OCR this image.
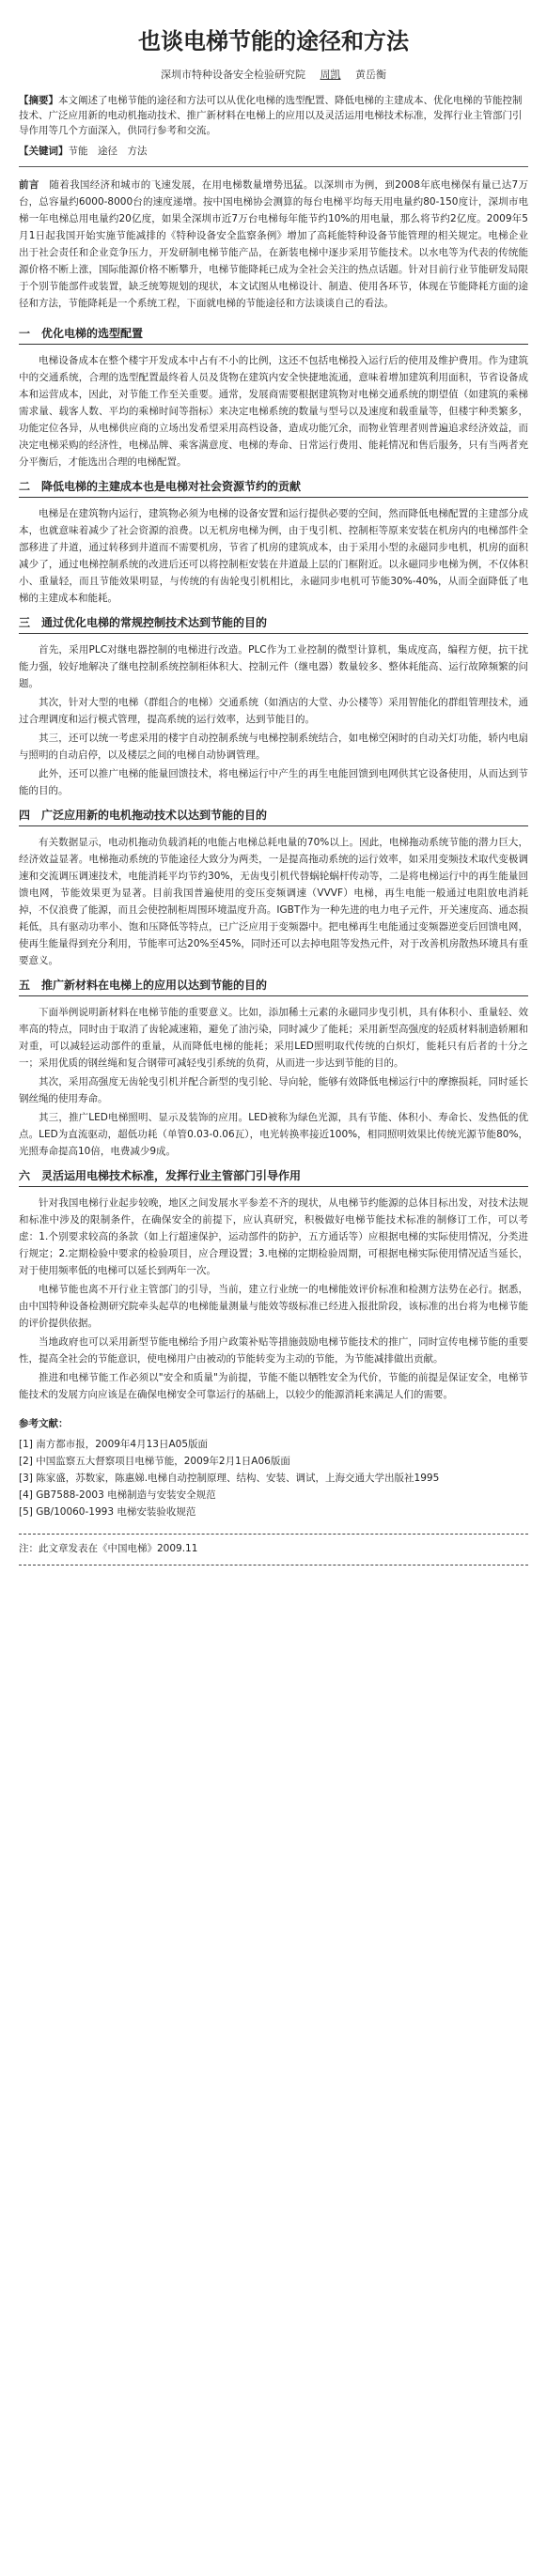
也谈电梯节能的途径和方法
深圳市特种设备安全检验研究院 周凯 黄岳衡

【摘要】本文阐述了电梯节能的途径和方法可以从优化电梯的选型配置、降低电梯的主建成本、优化电梯的节能控制技术、广泛应用新的电动机拖动技术、推广新材料在电梯上的应用以及灵活运用电梯技术标准，发挥行业主管部门引导作用等几个方面深入，供同行参考和交流。

【关键词】节能　途径　方法

前言　 随着我国经济和城市的飞速发展，在用电梯数量增势迅猛。以深圳市为例，到2008年底电梯保有量已达7万台，总容量约6000-8000台的速度递增。按中国电梯协会测算的每台电梯平均每天用电量约80-150度计，深圳市电梯一年电梯总用电量约20亿度，如果全深圳市近7万台电梯每年能节约10%的用电量，那么将节约2亿度。2009年5月1日起我国开始实施节能减排的《特种设备安全监察条例》增加了高耗能特种设备节能管理的相关规定。电梯企业出于社会责任和企业竞争压力，开发研制电梯节能产品，在新装电梯中逐步采用节能技术。以水电等为代表的传统能源价格不断上涨，国际能源价格不断攀升，电梯节能降耗已成为全社会关注的热点话题。针对目前行业节能研发局限于个别节能部件或装置，缺乏统筹规划的现状，本文试图从电梯设计、制造、使用各环节，体现在节能降耗方面的途径和方法，节能降耗是一个系统工程，下面就电梯的节能途径和方法谈谈自己的看法。

一　优化电梯的选型配置

电梯设备成本在整个楼宇开发成本中占有不小的比例，这还不包括电梯投入运行后的使用及维护费用。作为建筑中的交通系统，合理的选型配置最终着人员及货物在建筑内安全快捷地流通，意味着增加建筑利用面积，节省设备成本和运营成本，因此，对节能工作至关重要。通常，发展商需要根据建筑物对电梯交通系统的期望值（如建筑的乘梯需求量、载客人数、平均的乘梯时间等指标）来决定电梯系统的数量与型号以及速度和载重量等，但楼宇种类繁多，功能定位各异，从电梯供应商的立场出发希望采用高档设备，造成功能冗余，而物业管理者则普遍追求经济效益，而决定电梯采购的经济性，电梯品牌、乘客满意度、电梯的寿命、日常运行费用、能耗情况和售后服务，只有当两者充分平衡后，才能选出合理的电梯配置。

二　降低电梯的主建成本也是电梯对社会资源节约的贡献

电梯是在建筑物内运行，建筑物必须为电梯的设备安置和运行提供必要的空间，然而降低电梯配置的主建部分成本，也就意味着减少了社会资源的浪费。以无机房电梯为例，由于曳引机、控制柜等原来安装在机房内的电梯部件全部移进了井道，通过转移到井道而不需要机房，节省了机房的建筑成本，由于采用小型的永磁同步电机，机房的面积减少了，通过电梯控制系统的改进后还可以将控制柜安装在井道最上层的门框附近。以永磁同步电梯为例，不仅体积小、重量轻，而且节能效果明显，与传统的有齿轮曳引机相比，永磁同步电机可节能30%-40%，从而全面降低了电梯的主建成本和能耗。

三　通过优化电梯的常规控制技术达到节能的目的

首先，采用PLC对继电器控制的电梯进行改造。PLC作为工业控制的微型计算机，集成度高，编程方便，抗干扰能力强，较好地解决了继电控制系统控制柜体积大、控制元件（继电器）数量较多、整体耗能高、运行故障频繁的问题。

其次，针对大型的电梯（群组合的电梯）交通系统（如酒店的大堂、办公楼等）采用智能化的群组管理技术，通过合理调度和运行模式管理，提高系统的运行效率，达到节能目的。

其三，还可以统一考虑采用的楼宇自动控制系统与电梯控制系统结合，如电梯空闲时的自动关灯功能，轿内电扇与照明的自动启停，以及楼层之间的电梯自动协调管理。

此外，还可以推广电梯的能量回馈技术，将电梯运行中产生的再生电能回馈到电网供其它设备使用，从而达到节能的目的。

四　广泛应用新的电机拖动技术以达到节能的目的

有关数据显示，电动机拖动负载消耗的电能占电梯总耗电量的70%以上。因此，电梯拖动系统节能的潜力巨大，经济效益显著。电梯拖动系统的节能途径大致分为两类，一是提高拖动系统的运行效率，如采用变频技术取代变极调速和交流调压调速技术，电能消耗平均节约30%，无齿曳引机代替蜗轮蜗杆传动等，二是将电梯运行中的再生能量回馈电网，节能效果更为显著。目前我国普遍使用的变压变频调速（VVVF）电梯，再生电能一般通过电阻放电消耗掉，不仅浪费了能源，而且会使控制柜周围环境温度升高。IGBT作为一种先进的电力电子元件，开关速度高、通态损耗低，具有驱动功率小、饱和压降低等特点，已广泛应用于变频器中。把电梯再生电能通过变频器逆变后回馈电网，使再生能量得到充分利用，节能率可达20%至45%，同时还可以去掉电阻等发热元件，对于改善机房散热环境具有重要意义。

五　推广新材料在电梯上的应用以达到节能的目的

下面举例说明新材料在电梯节能的重要意义。比如，添加稀土元素的永磁同步曳引机，具有体积小、重量轻、效率高的特点，同时由于取消了齿轮减速箱，避免了油污染，同时减少了能耗；采用新型高强度的轻质材料制造轿厢和对重，可以减轻运动部件的重量，从而降低电梯的能耗；采用LED照明取代传统的白炽灯，能耗只有后者的十分之一；采用优质的钢丝绳和复合钢带可减轻曳引系统的负荷，从而进一步达到节能的目的。

其次，采用高强度无齿轮曳引机并配合新型的曳引轮、导向轮，能够有效降低电梯运行中的摩擦损耗，同时延长钢丝绳的使用寿命。

其三，推广LED电梯照明、显示及装饰的应用。LED被称为绿色光源，具有节能、体积小、寿命长、发热低的优点。LED为直流驱动，超低功耗（单管0.03-0.06瓦），电光转换率接近100%，相同照明效果比传统光源节能80%，光照寿命提高10倍，电费减少9成。

六　灵活运用电梯技术标准，发挥行业主管部门引导作用

针对我国电梯行业起步较晚，地区之间发展水平参差不齐的现状，从电梯节约能源的总体目标出发，对技术法规和标准中涉及的限制条件，在确保安全的前提下，应认真研究，积极做好电梯节能技术标准的制修订工作，可以考虑：1.个别要求较高的条款（如上行超速保护，运动部件的防护，五方通话等）应根据电梯的实际使用情况，分类进行规定；2.定期检验中要求的检验项目，应合理设置；3.电梯的定期检验周期，可根据电梯实际使用情况适当延长，对于使用频率低的电梯可以延长到两年一次。

电梯节能也离不开行业主管部门的引导，当前，建立行业统一的电梯能效评价标准和检测方法势在必行。据悉，由中国特种设备检测研究院牵头起草的电梯能量测量与能效等级标准已经进入报批阶段，该标准的出台将为电梯节能的评价提供依据。

当地政府也可以采用新型节能电梯给予用户政策补贴等措施鼓励电梯节能技术的推广，同时宣传电梯节能的重要性，提高全社会的节能意识，使电梯用户由被动的节能转变为主动的节能，为节能减排做出贡献。

推进和电梯节能工作必须以"安全和质量"为前提，节能不能以牺牲安全为代价，节能的前提是保证安全，电梯节能技术的发展方向应该是在确保电梯安全可靠运行的基础上，以较少的能源消耗来满足人们的需要。

参考文献：
[1] 南方都市报，2009年4月13日A05版面
[2] 中国监察五大督察项目电梯节能，2009年2月1日A06版面
[3] 陈家盛，苏数家，陈惠娣.电梯自动控制原理、结构、安装、调试，上海交通大学出版社1995
[4] GB7588-2003 电梯制造与安装安全规范
[5] GB/10060-1993 电梯安装验收规范
注：此文章发表在《中国电梯》2009.11
